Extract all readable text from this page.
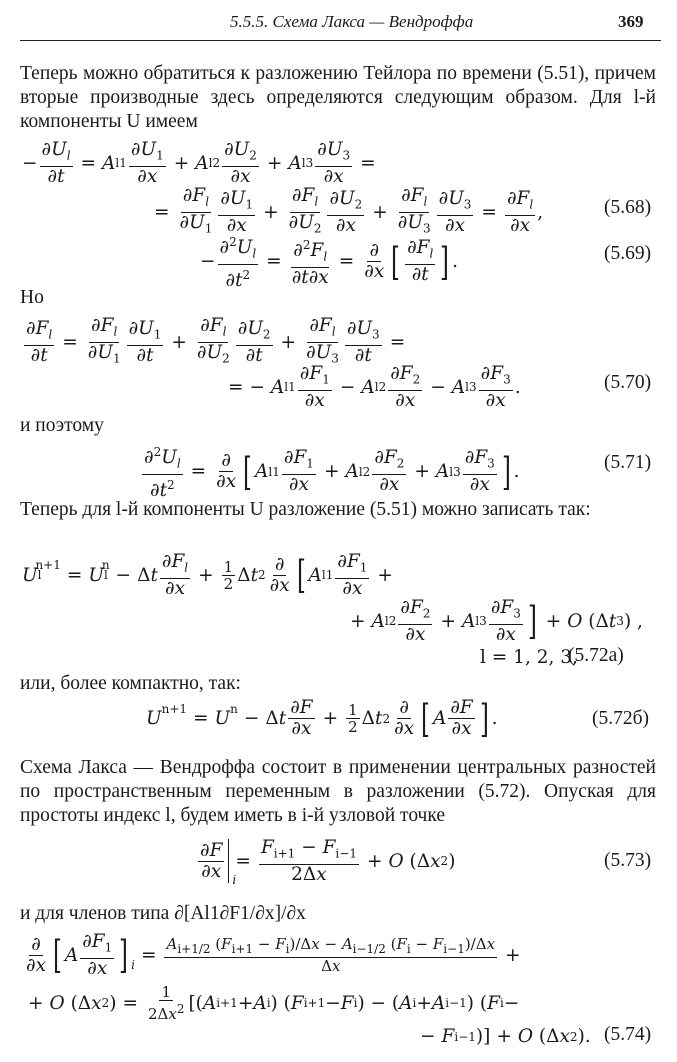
5.5.5. Схема Лакса — Вендроффа	369
Теперь можно обратиться к разложению Тейлора по времени (5.51), причем вторые производные здесь определяются следующим образом. Для l-й компоненты U имеем
− $\frac{\partial U_l}{\partial t} = A$ $l1 \frac{\partial U_1}{\partial x} + A$ $l2 \frac{\partial U_2}{\partial x} + A$ $l3 \frac{\partial U_3}{\partial x}$ =
= $\frac{\partial F_l}{\partial U_1} \frac{\partial U_1}{\partial x} + \frac{\partial F_l}{\partial U_2} \frac{\partial U_2}{\partial x} + \frac{\partial F_l}{\partial U_3} \frac{\partial U_3}{\partial x} = \frac{\partial F_l}{\partial x}$ ,	(5.68)
− $\frac{\partial^2U_l}{\partial t^2} = \frac{\partial^2F_l}{\partial t\partial x} = \frac{\partial}{\partial x}$ [ $\frac{\partial F_l}{\partial t}$ ] .	(5.69)
Но
$\frac{\partial F_l}{\partial t} = \frac{\partial F_l}{\partial U_1} \frac{\partial U_1}{\partial t} + \frac{\partial F_l}{\partial U_2} \frac{\partial U_2}{\partial t} + \frac{\partial F_l}{\partial U_3} \frac{\partial U_3}{\partial t}$ =
= −
A $l1 \frac{\partial F_1}{\partial x} - A$ $l2 \frac{\partial F_2}{\partial x} - A$ $l3 \frac{\partial F_3}{\partial x}$ .	(5.70)
и поэтому
$\frac{\partial^2U_l}{\partial t^2} = \frac{\partial}{\partial x}$ [ A $l1 \frac{\partial F_1}{\partial x} + A$ $l2 \frac{\partial F_2}{\partial x} + A$ $l3 \frac{\partial F_3}{\partial x}$ ] .	(5.71)
Теперь для l-й компоненты U разложение (5.51) можно записать так:
U l
$^{n+1}$ = U l
$^n$ − Δ t $\frac{\partial F_l}{\partial x} + \frac{1}{2}$ Δ t $2 \frac{\partial}{\partial x}$ [ A $l1 \frac{\partial F_1}{\partial x}$ +
+ A $l2 \frac{\partial F_2}{\partial x} + A$ $l3 \frac{\partial F_3}{\partial x}$ ] + O (Δ t 3 ) ,
l = 1, 2, 3,
(5.72a)
или, более компактно, так:
$U^{n+1} = U^n - \Delta$ t $\frac{\partial F}{\partial x} + \frac{1}{2}$ Δ t $2 \frac{\partial}{\partial x}$ [ A $\frac{\partial F}{\partial x}$ ] .	(5.72б)
Схема Лакса — Вендроффа состоит в применении центральных разностей по пространственным переменным в разложении (5.72). Опуская для простоты индекс l, будем иметь в i-й узловой точке
$\frac{\partial F}{\partial x}$ i
= $\frac{F_{i+1} - F_{i-1}}{2\Delta x} + O$ (Δ x 2 )	(5.73)
и для членов типа ∂[Al1∂F1/∂x]/∂x
$\frac{\partial}{\partial x}$ [ A $\frac{\partial F_1}{\partial x}$ ] $_i = \frac{A_{i+1/2} (F_{i+1} - F_i)/\Delta x - A_{i-1/2} (F_i - F_{i-1})/\Delta x}{\Delta x}$ +
+ O (Δ x 2 ) = $\frac{1}{2\Delta x^2}$ [( A i+1 + A i ) ( F i+1 − F i ) − ( A i + A i−1 ) ( F i −
− F i−1 )] + O (Δ x 2 ). (5.74)
